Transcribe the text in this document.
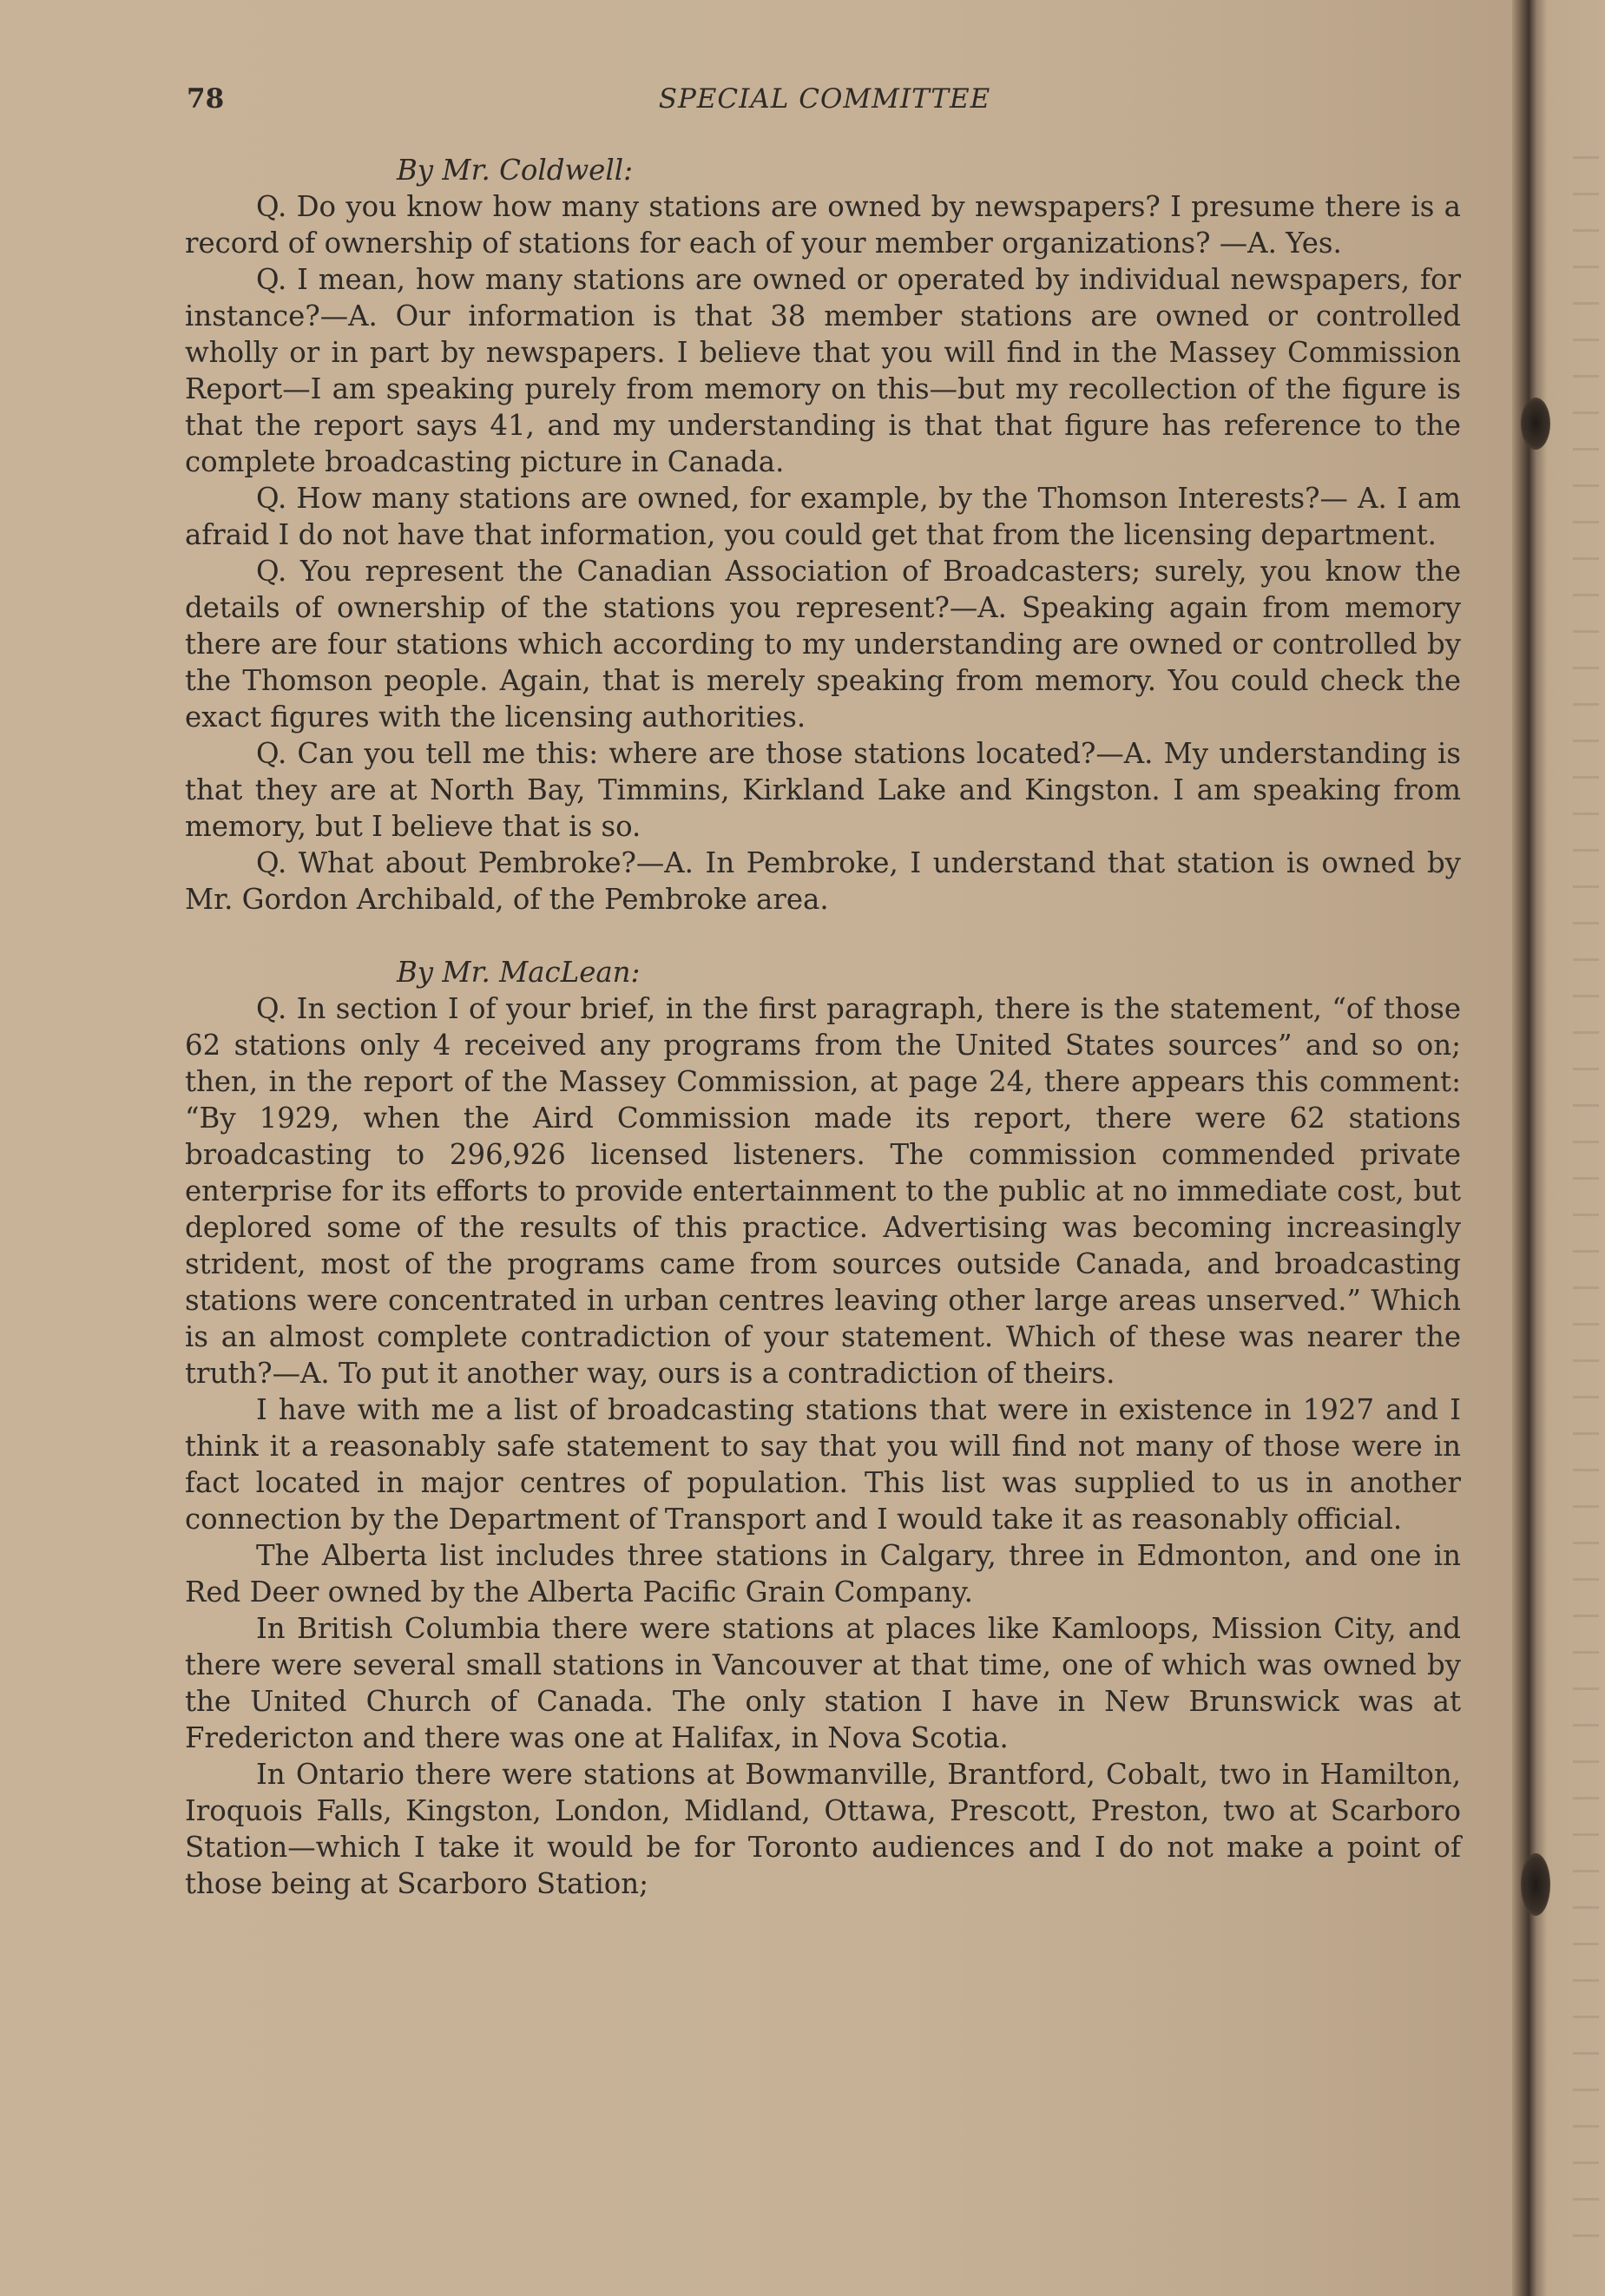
78	SPECIAL COMMITTEE

By Mr. Coldwell:

Q. Do you know how many stations are owned by newspapers? I presume there is a record of ownership of stations for each of your member organizations? —A. Yes.

Q. I mean, how many stations are owned or operated by individual newspapers, for instance?—A. Our information is that 38 member stations are owned or controlled wholly or in part by newspapers. I believe that you will find in the Massey Commission Report—I am speaking purely from memory on this—but my recollection of the figure is that the report says 41, and my understanding is that that figure has reference to the complete broadcasting picture in Canada.

Q. How many stations are owned, for example, by the Thomson Interests?— A. I am afraid I do not have that information, you could get that from the licensing department.

Q. You represent the Canadian Association of Broadcasters; surely, you know the details of ownership of the stations you represent?—A. Speaking again from memory there are four stations which according to my understanding are owned or controlled by the Thomson people. Again, that is merely speaking from memory. You could check the exact figures with the licensing authorities.

Q. Can you tell me this: where are those stations located?—A. My understanding is that they are at North Bay, Timmins, Kirkland Lake and Kingston. I am speaking from memory, but I believe that is so.

Q. What about Pembroke?—A. In Pembroke, I understand that station is owned by Mr. Gordon Archibald, of the Pembroke area.

By Mr. MacLean:

Q. In section I of your brief, in the first paragraph, there is the statement, “of those 62 stations only 4 received any programs from the United States sources” and so on; then, in the report of the Massey Commission, at page 24, there appears this comment: “By 1929, when the Aird Commission made its report, there were 62 stations broadcasting to 296,926 licensed listeners. The commission commended private enterprise for its efforts to provide entertainment to the public at no immediate cost, but deplored some of the results of this practice. Advertising was becoming increasingly strident, most of the programs came from sources outside Canada, and broadcasting stations were concentrated in urban centres leaving other large areas unserved.” Which is an almost complete contradiction of your statement. Which of these was nearer the truth?—A. To put it another way, ours is a contradiction of theirs.

I have with me a list of broadcasting stations that were in existence in 1927 and I think it a reasonably safe statement to say that you will find not many of those were in fact located in major centres of population. This list was supplied to us in another connection by the Department of Transport and I would take it as reasonably official.

The Alberta list includes three stations in Calgary, three in Edmonton, and one in Red Deer owned by the Alberta Pacific Grain Company.

In British Columbia there were stations at places like Kamloops, Mission City, and there were several small stations in Vancouver at that time, one of which was owned by the United Church of Canada. The only station I have in New Brunswick was at Fredericton and there was one at Halifax, in Nova Scotia.

In Ontario there were stations at Bowmanville, Brantford, Cobalt, two in Hamilton, Iroquois Falls, Kingston, London, Midland, Ottawa, Prescott, Preston, two at Scarboro Station—which I take it would be for Toronto audiences and I do not make a point of those being at Scarboro Station;
